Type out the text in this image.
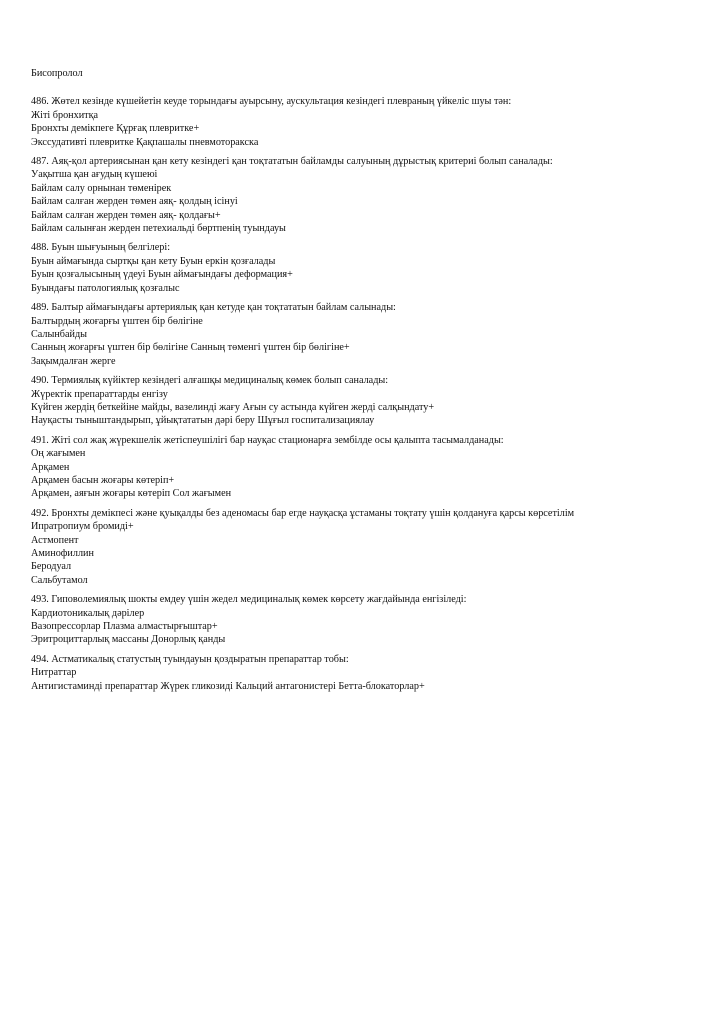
Бисопролол
486. Жөтел кезінде күшейетін кеуде торындағы ауырсыну, аускультация кезіндегі плевраның үйкеліс шуы тән:
Жіті бронхитқа
Бронхты демікпеге Құрғақ плевритке+
Экссудативті плевритке Қақпашалы пневмоторакска
487. Аяқ-қол артериясынан қан кету кезіндегі қан тоқтататын байламды салуының дұрыстық критериі болып саналады:
Уақытша қан ағудың күшеюі
Байлам салу орнынан төменірек
Байлам салған жерден төмен аяқ- қолдың ісінуі
Байлам салған жерден төмен аяқ- қолдағы+
Байлам салынған жерден петехиальді бөртпенің туындауы
488. Буын шығуының белгілері:
Буын аймағында сыртқы қан кету Буын еркін қозғалады
Буын қозғалысының үдеуі Буын аймағындағы деформация+
Буындағы патологиялық қозғалыс
489. Балтыр аймағындағы артериялық қан кетуде қан тоқтататын байлам салынады:
Балтырдың жоғарғы үштен бір бөлігіне
Салынбайды
Санның жоғарғы үштен бір бөлігіне Санның төменгі үштен бір бөлігіне+
Зақымдалған жерге
490. Термиялық күйіктер кезіндегі алғашқы медициналық көмек болып саналады:
Жүректік препараттарды енгізу
Күйген жердің беткейіне майды, вазелинді жағу Ағын су астында күйген жерді салқындату+
Науқасты тыныштандырып, ұйықтататын дәрі беру Шұғыл госпитализациялау
491. Жіті сол жақ жүрекшелік жетіспеушілігі бар науқас стационарға зембілде осы қалыпта тасымалданады:
Оң жағымен
Арқамен
Арқамен басын жоғары көтеріп+
Арқамен, аяғын жоғары көтеріп Сол жағымен
492. Бронхты демікпесі және қуықалды без аденомасы бар егде науқасқа ұстаманы тоқтату үшін қолдануға қарсы көрсетілім
Ипратропиум бромиді+
Астмопент
Аминофиллин
Беродуал
Сальбутамол
493. Гиповолемиялық шокты емдеу үшін жедел медициналық көмек көрсету жағдайында енгізіледі:
Кардиотоникалық дәрілер
Вазопрессорлар Плазма алмастырғыштар+
Эритроциттарлық массаны Донорлық қанды
494. Астматикалық статустың туындауын қоздыратын препараттар тобы:
Нитраттар
Антигистаминді препараттар Жүрек гликозиді Кальций антагонистері Бетта-блокаторлар+
